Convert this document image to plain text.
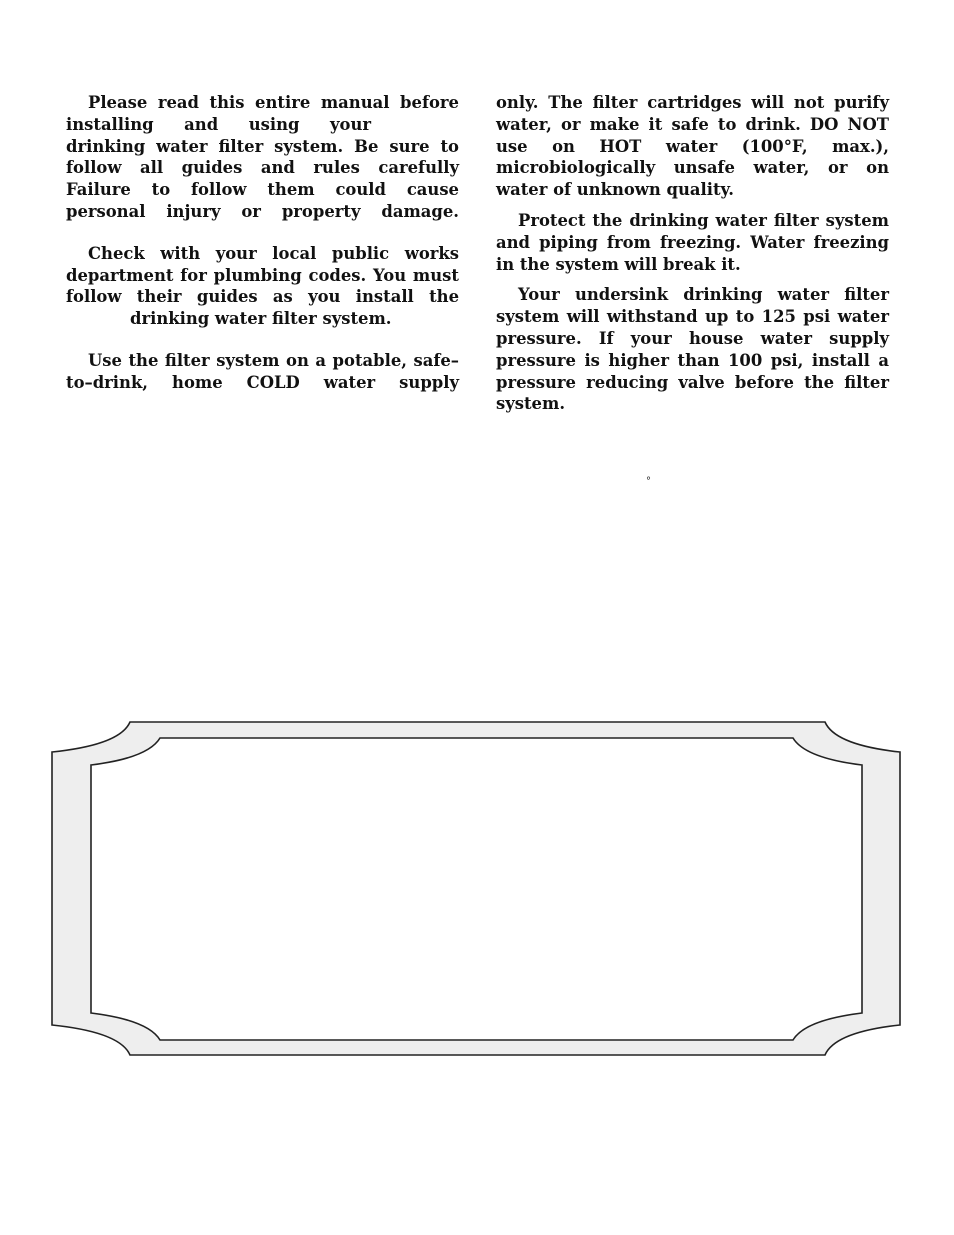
Please read this entire manual before installing and using yourdrinking water filter system. Be sure to follow all guides and rules carefully Failure to follow them could cause personal injury or property damage.

Check with your local public works department for plumbing codes. You must follow their guides as you install the drinking water filter system.

Use the filter system on a potable, safe–to–drink, home COLD water supply

only. The filter cartridges will not purify water, or make it safe to drink. DO NOT use on HOT water (100°F, max.), microbiologically unsafe water, or on water of unknown quality.

Protect the drinking water filter system and piping from freezing. Water freezing in the system will break it.

Your undersink drinking water filter system will withstand up to 125 psi water pressure. If your house water supply pressure is higher than 100 psi, install a pressure reducing valve before the filter system.

°
